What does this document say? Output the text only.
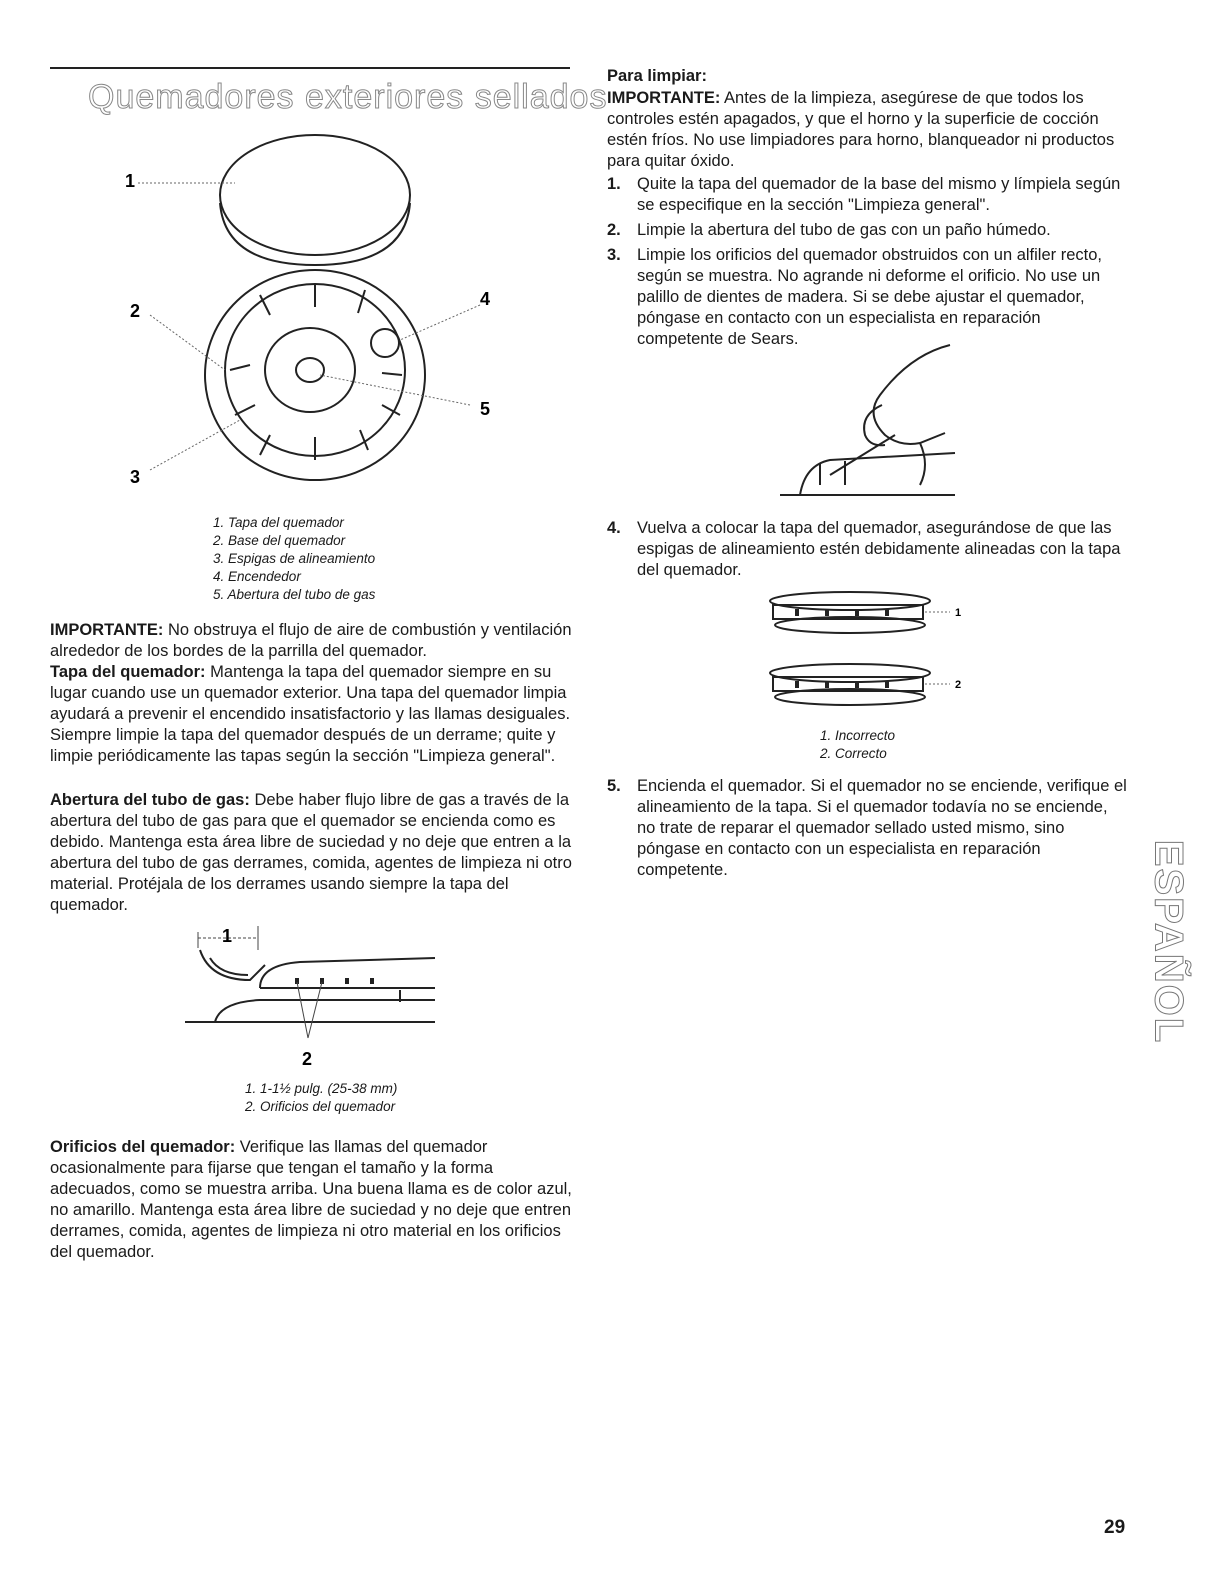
Quemadores exteriores sellados
1
2
3
4
5
1. Tapa del quemador
2. Base del quemador
3. Espigas de alineamiento
4. Encendedor
5. Abertura del tubo de gas

IMPORTANTE: No obstruya el flujo de aire de combustión y ventilación alrededor de los bordes de la parrilla del quemador.

Tapa del quemador: Mantenga la tapa del quemador siempre en su lugar cuando use un quemador exterior. Una tapa del quemador limpia ayudará a prevenir el encendido insatisfactorio y las llamas desiguales. Siempre limpie la tapa del quemador después de un derrame; quite y limpie periódicamente las tapas según la sección "Limpieza general".

Abertura del tubo de gas: Debe haber flujo libre de gas a través de la abertura del tubo de gas para que el quemador se encienda como es debido. Mantenga esta área libre de suciedad y no deje que entren a la abertura del tubo de gas derrames, comida, agentes de limpieza ni otro material. Protéjala de los derrames usando siempre la tapa del quemador.

1
2
1. 1-1½ pulg. (25-38 mm)
2. Orificios del quemador

Orificios del quemador: Verifique las llamas del quemador ocasionalmente para fijarse que tengan el tamaño y la forma adecuados, como se muestra arriba. Una buena llama es de color azul, no amarillo. Mantenga esta área libre de suciedad y no deje que entren derrames, comida, agentes de limpieza ni otro material en los orificios del quemador.

Para limpiar:

IMPORTANTE: Antes de la limpieza, asegúrese de que todos los controles estén apagados, y que el horno y la superficie de cocción estén fríos. No use limpiadores para horno, blanqueador ni productos para quitar óxido.

1. Quite la tapa del quemador de la base del mismo y límpiela según se especifique en la sección "Limpieza general".
2. Limpie la abertura del tubo de gas con un paño húmedo.
3. Limpie los orificios del quemador obstruidos con un alfiler recto, según se muestra. No agrande ni deforme el orificio. No use un palillo de dientes de madera. Si se debe ajustar el quemador, póngase en contacto con un especialista en reparación competente de Sears.
4. Vuelva a colocar la tapa del quemador, asegurándose de que las espigas de alineamiento estén debidamente alineadas con la tapa del quemador.
1
2
1. Incorrecto
2. Correcto
5. Encienda el quemador. Si el quemador no se enciende, verifique el alineamiento de la tapa. Si el quemador todavía no se enciende, no trate de reparar el quemador sellado usted mismo, sino póngase en contacto con un especialista en reparación competente.	ESPAÑOL
29
